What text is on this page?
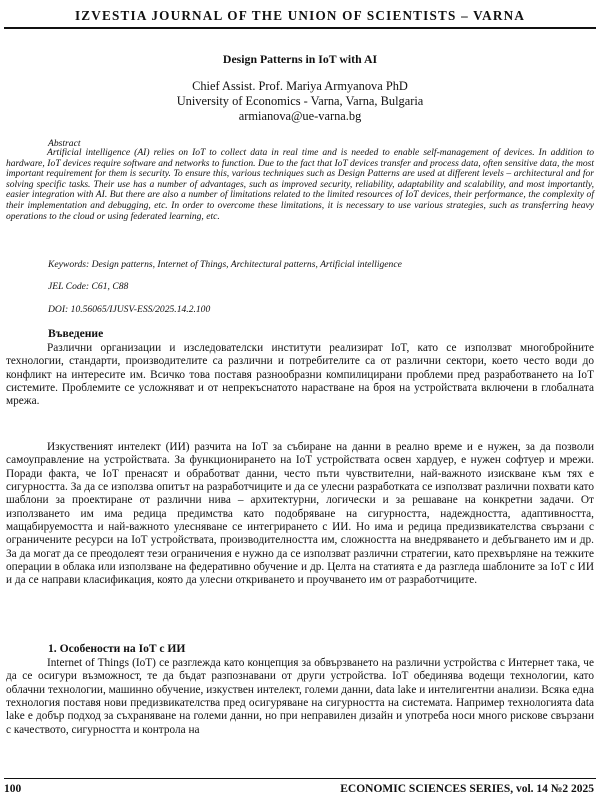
IZVESTIA JOURNAL OF THE UNION OF SCIENTISTS – VARNA
Design Patterns in IoT with AI
Chief Assist. Prof. Mariya Armyanova PhD
University of Economics - Varna, Varna, Bulgaria
armianova@ue-varna.bg
Abstract

Artificial intelligence (AI) relies on IoT to collect data in real time and is needed to enable self-management of devices. In addition to hardware, IoT devices require software and networks to function. Due to the fact that IoT devices transfer and process data, often sensitive data, the most important requirement for them is security. To ensure this, various techniques such as Design Patterns are used at different levels – architectural and for solving specific tasks. Their use has a number of advantages, such as improved security, reliability, adaptability and scalability, and most importantly, easier integration with AI. But there are also a number of limitations related to the limited resources of IoT devices, their performance, the complexity of their implementation and debugging, etc. In order to overcome these limitations, it is necessary to use various strategies, such as transferring heavy operations to the cloud or using federated learning, etc.

Keywords: Design patterns, Internet of Things, Architectural patterns, Artificial intelligence
JEL Code: C61, C88
DOI: 10.56065/IJUSV-ESS/2025.14.2.100
Въведение

Различни организации и изследователски институти реализират IoT, като се използват многобройните технологии, стандарти, производителите са различни и потребителите са от различни сектори, което често води до конфликт на интересите им. Всичко това поставя разнообразни компилицирани проблеми пред разработването на IoT системите. Проблемите се усложняват и от непрекъснатото нарастване на броя на устройствата включени в глобалната мрежа.

Изкуственият интелект (ИИ) разчита на IoT за събиране на данни в реално време и е нужен, за да позволи самоуправление на устройствата. За функционирането на IoT устройствата освен хардуер, е нужен софтуер и мрежи. Поради факта, че IoT пренасят и обработват данни, често пъти чувствителни, най-важното изискване към тях е сигурността. За да се използва опитът на разработчиците и да се улесни разработката се използват различни похвати като шаблони за проектиране от различни нива – архитектурни, логически и за решаване на конкретни задачи. От използването им има редица предимства като подобряване на сигурността, надеждността, адаптивността, мащабируемостта и най-важното улесняване се интегрирането с ИИ. Но има и редица предизвикателства свързани с ограничените ресурси на IoT устройствата, производителността им, сложността на внедряването и дебъгването им и др. За да могат да се преодолеят тези ограничения е нужно да се използват различни стратегии, като прехвърляне на тежките операции в облака или използване на федеративно обучение и др. Целта на статията е да разгледа шаблоните за IoT с ИИ и да се направи класификация, която да улесни откриването и проучването им от разработчиците.

1. Особености на IoT с ИИ

Internet of Things (IoT) се разглежда като концепция за обвързването на различни устройства с Интернет така, че да се осигури възможност, те да бъдат разпознавани от други устройства. IoT обединява водещи технологии, като облачни технологии, машинно обучение, изкуствен интелект, големи данни, data lake и интелигентни анализи. Всяка една технология поставя нови предизвикателства пред осигуряване на сигурността на системата. Например технологията data lake е добър подход за съхраняване на големи данни, но при неправилен дизайн и употреба носи много рискове свързани с качеството, сигурността и контрола на

100	ECONOMIC SCIENCES SERIES, vol. 14 №2 2025
